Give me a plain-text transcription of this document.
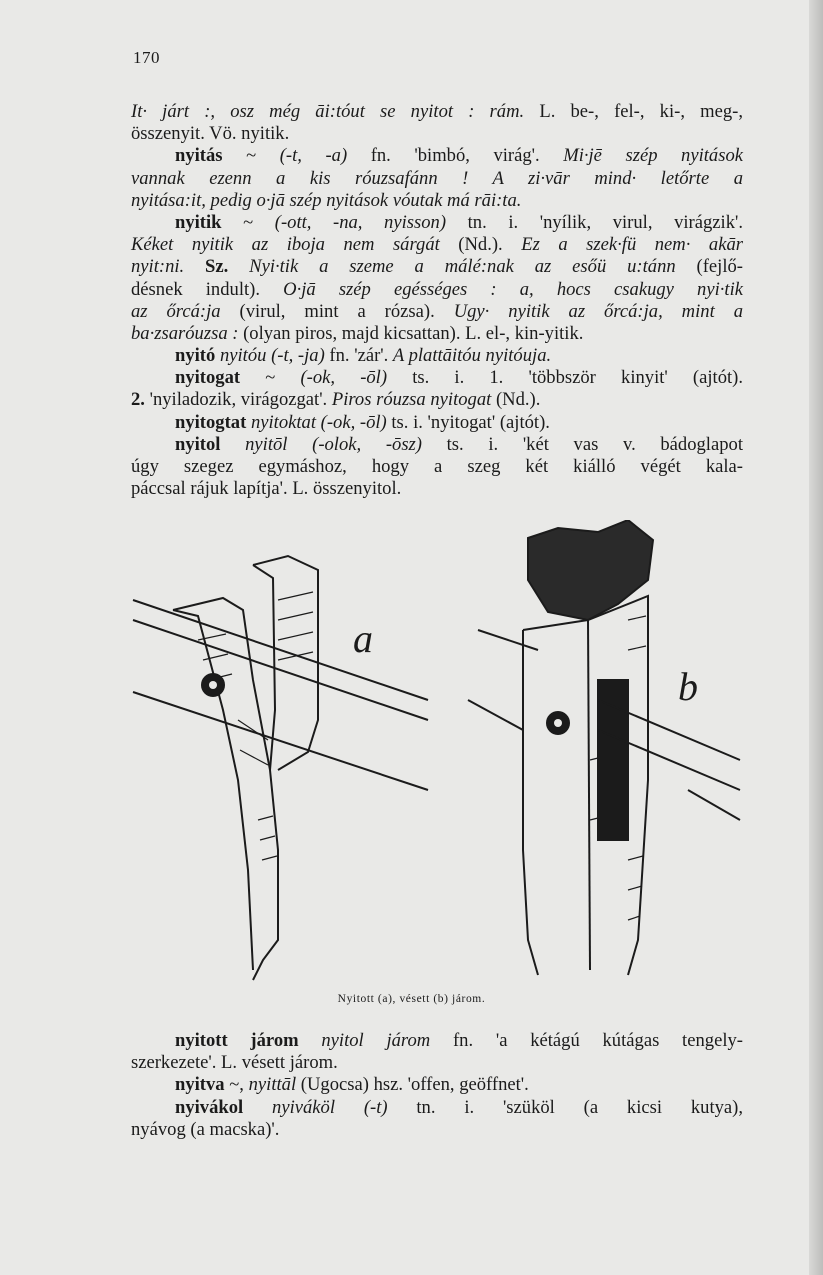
170
It· járt :, osz még āi:tóut se nyitot : rám. L. be-, fel-, ki-, meg-,
összenyit. Vö. nyitik.
nyitás ~ (-t, -a) fn. 'bimbó, virág'. Mi·jē szép nyitások
vannak ezenn a kis róuzsafánn ! A zi·vār mind· letőrte a
nyitása:it, pedig o·jā szép nyitások vóutak má rāi:ta.
nyitik ~ (-ott, -na, nyisson) tn. i. 'nyílik, virul, virágzik'.
Kéket nyitik az iboja nem sárgát (Nd.). Ez a szek·fü nem· akār
nyit:ni. Sz. Nyi·tik a szeme a málé:nak az esőü u:tánn (fejlő-
désnek indult). O·jā szép egésséges : a, hocs csakugy nyi·tik
az őrcá:ja (virul, mint a rózsa). Ugy· nyitik az őrcá:ja, mint a
ba·zsaróuzsa : (olyan piros, majd kicsattan). L. el-, kin-yitik.
nyitó nyitóu (-t, -ja) fn. 'zár'. A plattāitóu nyitóuja.
nyitogat ~ (-ok, -ōl) ts. i. 1. 'többször kinyit' (ajtót).
2. 'nyiladozik, virágozgat'. Piros róuzsa nyitogat (Nd.).
nyitogtat nyitoktat (-ok, -ōl) ts. i. 'nyitogat' (ajtót).
nyitol nyitōl (-olok, -ōsz) ts. i. 'két vas v. bádoglapot
úgy szegez egymáshoz, hogy a szeg két kiálló végét kala-
páccsal rájuk lapítja'. L. összenyitol.
a
b
Nyitott (a), vésett (b) járom.
nyitott járom nyitol járom fn. 'a kétágú kútágas tengely-
szerkezete'. L. vésett járom.
nyitva ~, nyittāl (Ugocsa) hsz. 'offen, geöffnet'.
nyivákol nyiváköl (-t) tn. i. 'szüköl (a kicsi kutya),
nyávog (a macska)'.
